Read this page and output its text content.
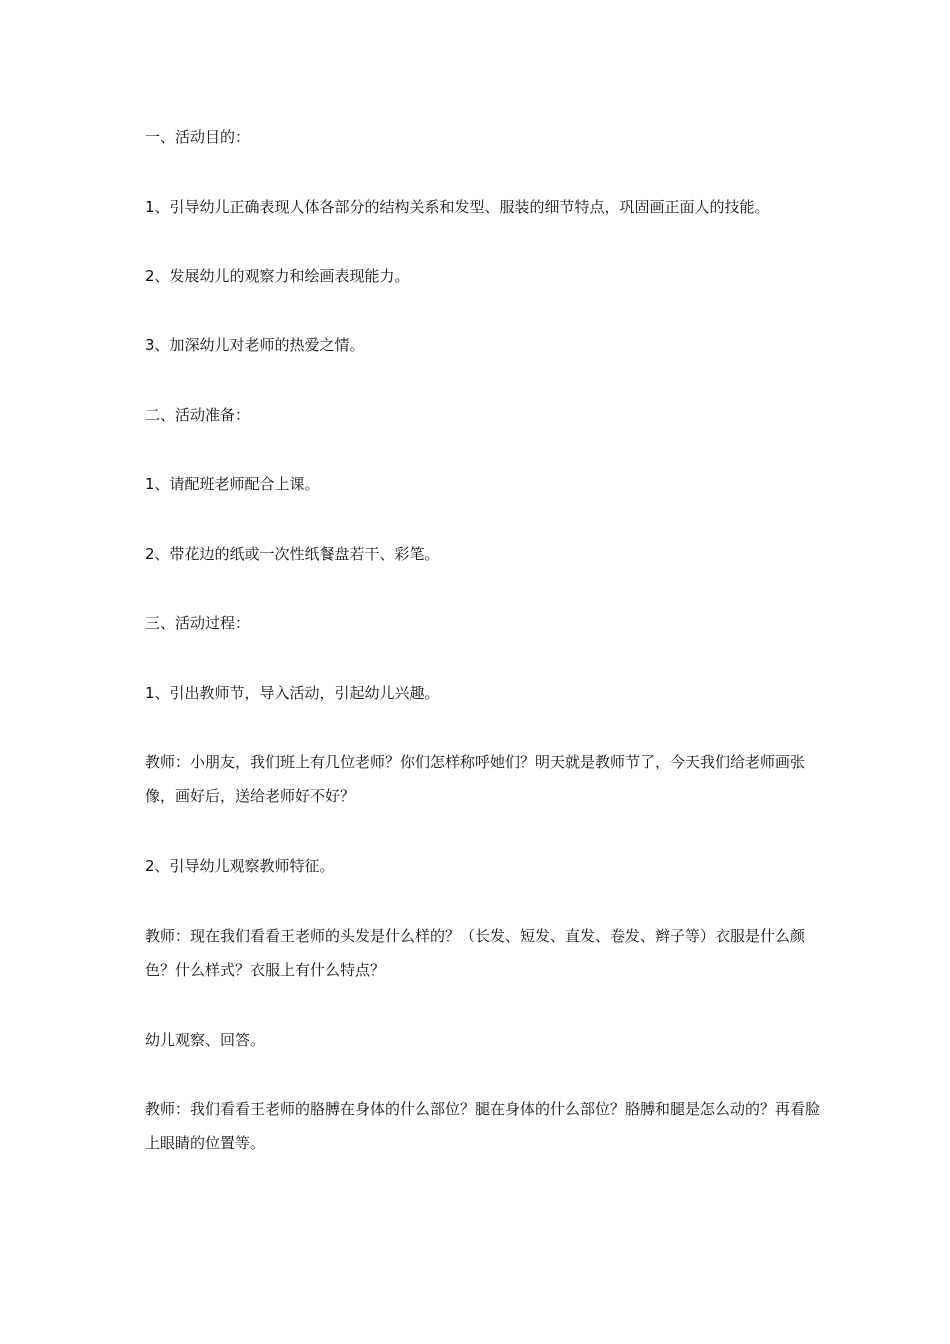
一、活动目的：

1、引导幼儿正确表现人体各部分的结构关系和发型、服装的细节特点，巩固画正面人的技能。

2、发展幼儿的观察力和绘画表现能力。

3、加深幼儿对老师的热爱之情。

二、活动准备：

1、请配班老师配合上课。

2、带花边的纸或一次性纸餐盘若干、彩笔。

三、活动过程：

1、引出教师节，导入活动，引起幼儿兴趣。

教师：小朋友，我们班上有几位老师？你们怎样称呼她们？明天就是教师节了，今天我们给老师画张像，画好后，送给老师好不好？

2、引导幼儿观察教师特征。

教师：现在我们看看王老师的头发是什么样的？（长发、短发、直发、卷发、辫子等）衣服是什么颜色？什么样式？衣服上有什么特点？

幼儿观察、回答。

教师：我们看看王老师的胳膊在身体的什么部位？腿在身体的什么部位？胳膊和腿是怎么动的？再看脸上眼睛的位置等。
